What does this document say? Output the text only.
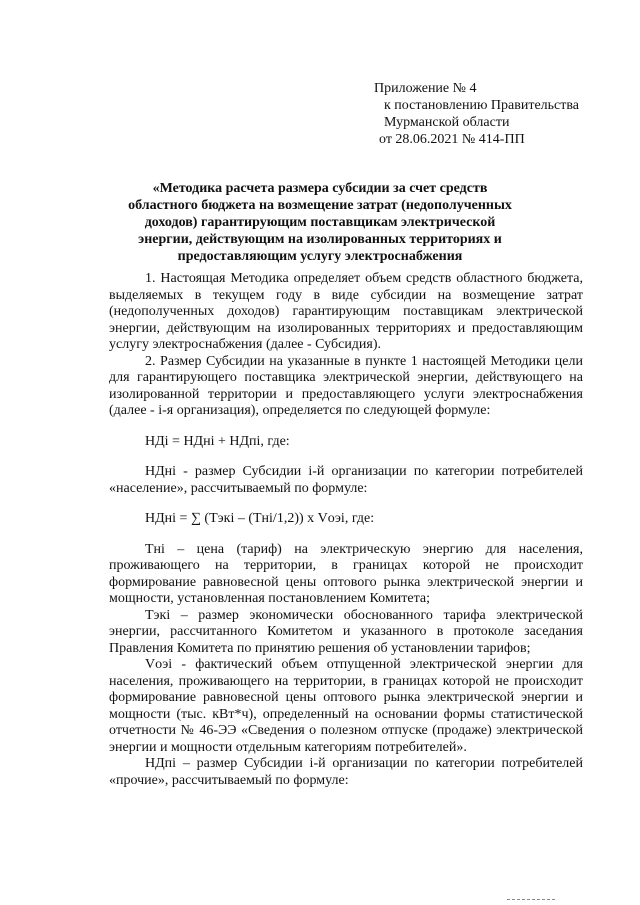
Приложение № 4
к постановлению Правительства
Мурманской области
от 28.06.2021 № 414-ПП
«Методика расчета размера субсидии за счет средств областного бюджета на возмещение затрат (недополученных доходов) гарантирующим поставщикам электрической энергии, действующим на изолированных территориях и предоставляющим услугу электроснабжения

1. Настоящая Методика определяет объем средств областного бюджета, выделяемых в текущем году в виде субсидии на возмещение затрат (недополученных доходов) гарантирующим поставщикам электрической энергии, действующим на изолированных территориях и предоставляющим услугу электроснабжения (далее - Субсидия).

2. Размер Субсидии на указанные в пункте 1 настоящей Методики цели для гарантирующего поставщика электрической энергии, действующего на изолированной территории и предоставляющего услуги электроснабжения (далее - i-я организация), определяется по следующей формуле:

НДi = НДнi + НДпi, где:

НДнi - размер Субсидии i-й организации по категории потребителей «население», рассчитываемый по формуле:

НДнi = ∑ (Тэкi – (Тнi/1,2)) х Vоэi, где:

Тнi – цена (тариф) на электрическую энергию для населения, проживающего на территории, в границах которой не происходит формирование равновесной цены оптового рынка электрической энергии и мощности, установленная постановлением Комитета;

Тэкi – размер экономически обоснованного тарифа электрической энергии, рассчитанного Комитетом и указанного в протоколе заседания Правления Комитета по принятию решения об установлении тарифов;

Vоэi - фактический объем отпущенной электрической энергии для населения, проживающего на территории, в границах которой не происходит формирование равновесной цены оптового рынка электрической энергии и мощности (тыс. кВт*ч), определенный на основании формы статистической отчетности № 46-ЭЭ «Сведения о полезном отпуске (продаже) электрической энергии и мощности отдельным категориям потребителей».

НДпi – размер Субсидии i-й организации по категории потребителей «прочие», рассчитываемый по формуле:
